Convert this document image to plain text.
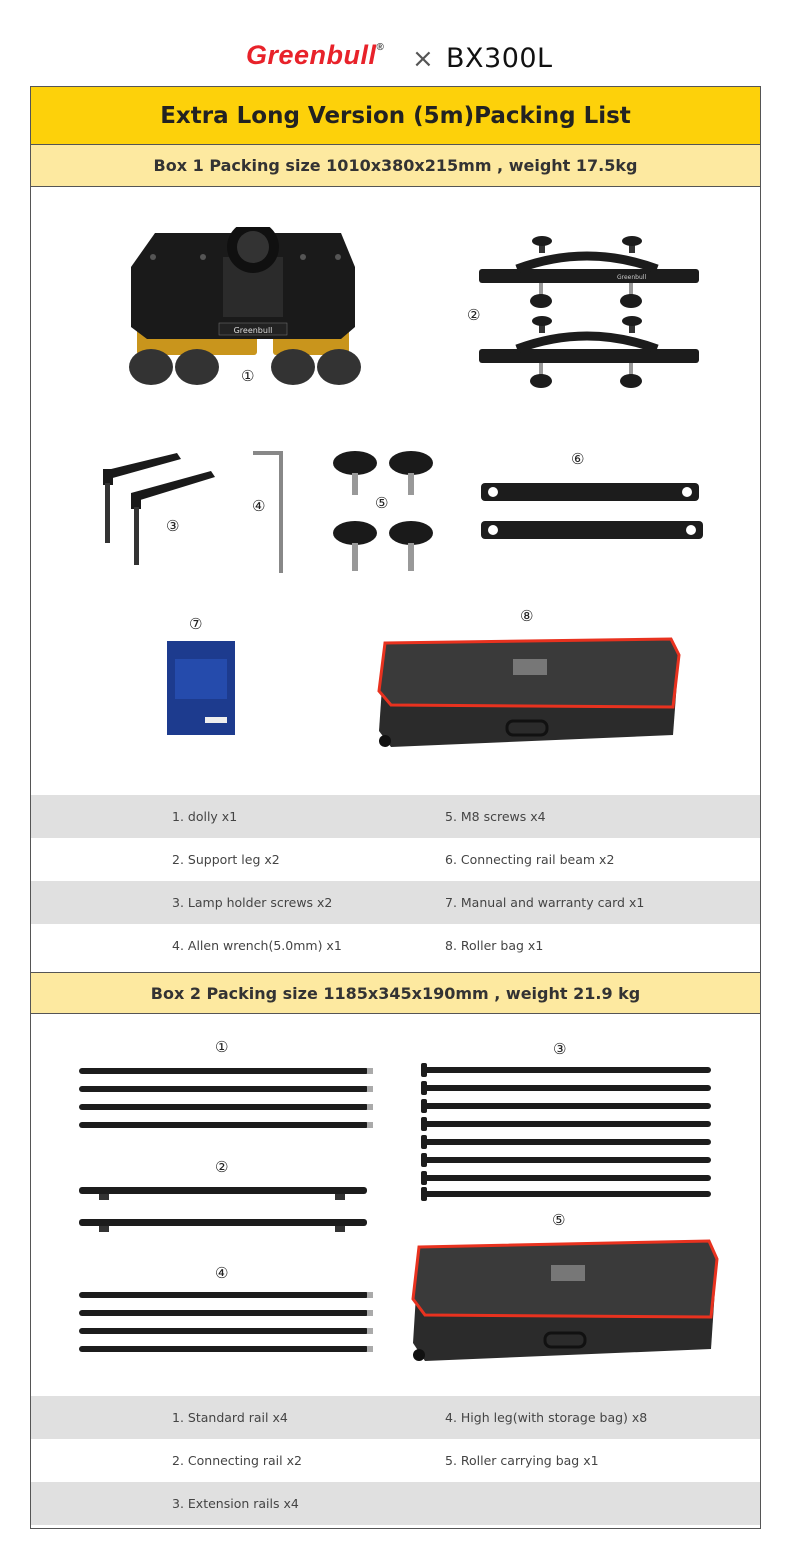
Greenbull® × BX300L
Extra Long Version (5m)Packing List
Box 1 Packing size 1010x380x215mm , weight 17.5kg
Greenbull
①
Greenbull
②
③
④	⑤
⑥
⑦	⑧
1. dolly x1	5. M8 screws x4
2. Support leg x2	6. Connecting rail beam x2
3. Lamp holder screws x2	7. Manual and warranty card x1
4. Allen wrench(5.0mm) x1	8. Roller bag x1
Box 2 Packing size 1185x345x190mm , weight 21.9 kg
①
②
④
③
⑤
1. Standard rail x4	4. High leg(with storage bag) x8
2. Connecting rail x2	5. Roller carrying bag x1
3. Extension rails x4
